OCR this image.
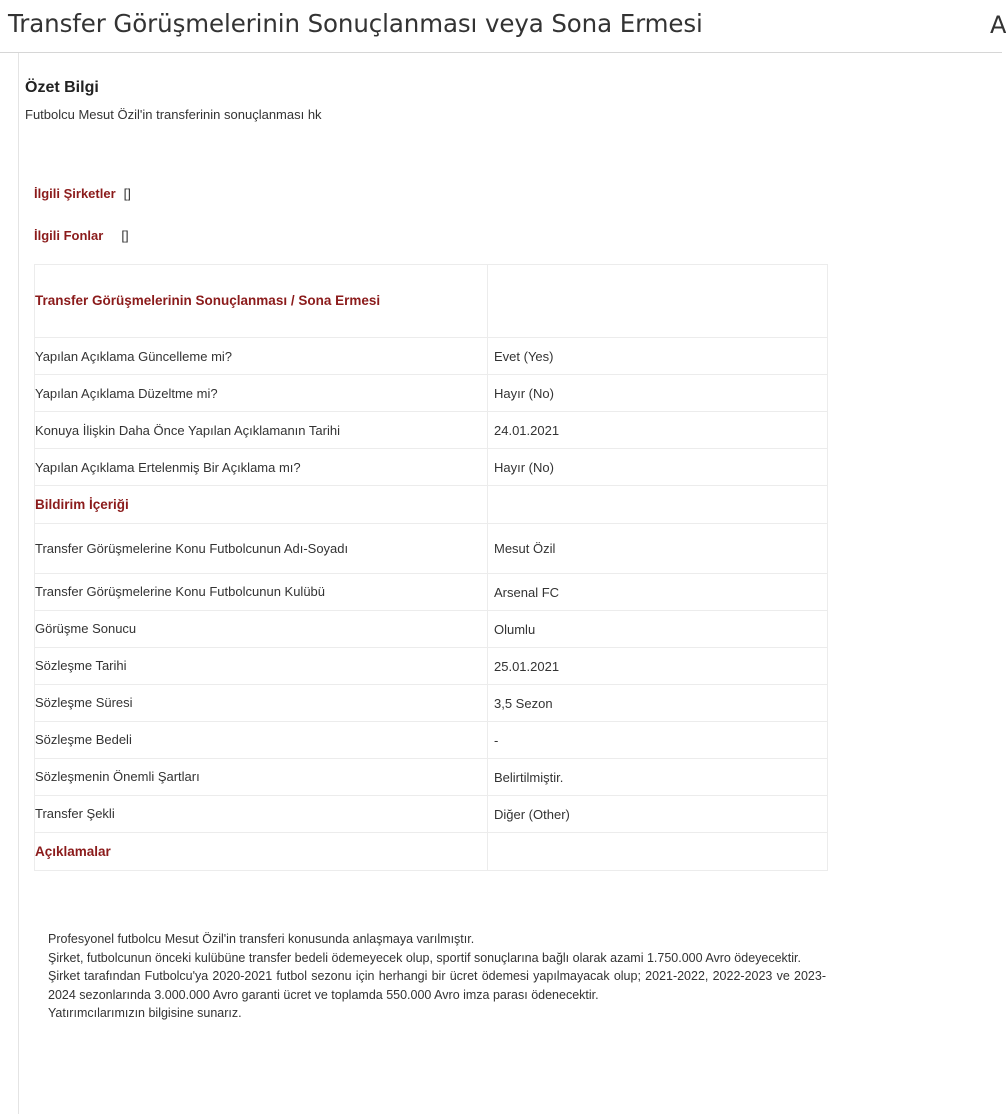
Transfer Görüşmelerinin Sonuçlanması veya Sona Ermesi	A
Özet Bilgi
Futbolcu Mesut Özil'in transferinin sonuçlanması hk
İlgili Şirketler []
İlgili Fonlar []
Transfer Görüşmelerinin Sonuçlanması / Sona Ermesi	

Yapılan Açıklama Güncelleme mi?	Evet (Yes)
Yapılan Açıklama Düzeltme mi?	Hayır (No)
Konuya İlişkin Daha Önce Yapılan Açıklamanın Tarihi	24.01.2021
Yapılan Açıklama Ertelenmiş Bir Açıklama mı?	Hayır (No)
Bildirim İçeriği	

Transfer Görüşmelerine Konu Futbolcunun Adı-Soyadı	Mesut Özil
Transfer Görüşmelerine Konu Futbolcunun Kulübü	Arsenal FC
Görüşme Sonucu	Olumlu
Sözleşme Tarihi	25.01.2021
Sözleşme Süresi	3,5 Sezon
Sözleşme Bedeli	-
Sözleşmenin Önemli Şartları	Belirtilmiştir.
Transfer Şekli	Diğer (Other)
Açıklamalar	

Profesyonel futbolcu Mesut Özil'in transferi konusunda anlaşmaya varılmıştır.

Şirket, futbolcunun önceki kulübüne transfer bedeli ödemeyecek olup, sportif sonuçlarına bağlı olarak azami 1.750.000 Avro ödeyecektir.

Şirket tarafından Futbolcu'ya 2020-2021 futbol sezonu için herhangi bir ücret ödemesi yapılmayacak olup; 2021-2022, 2022-2023 ve 2023-2024 sezonlarında 3.000.000 Avro garanti ücret ve toplamda 550.000 Avro imza parası ödenecektir.

Yatırımcılarımızın bilgisine sunarız.
